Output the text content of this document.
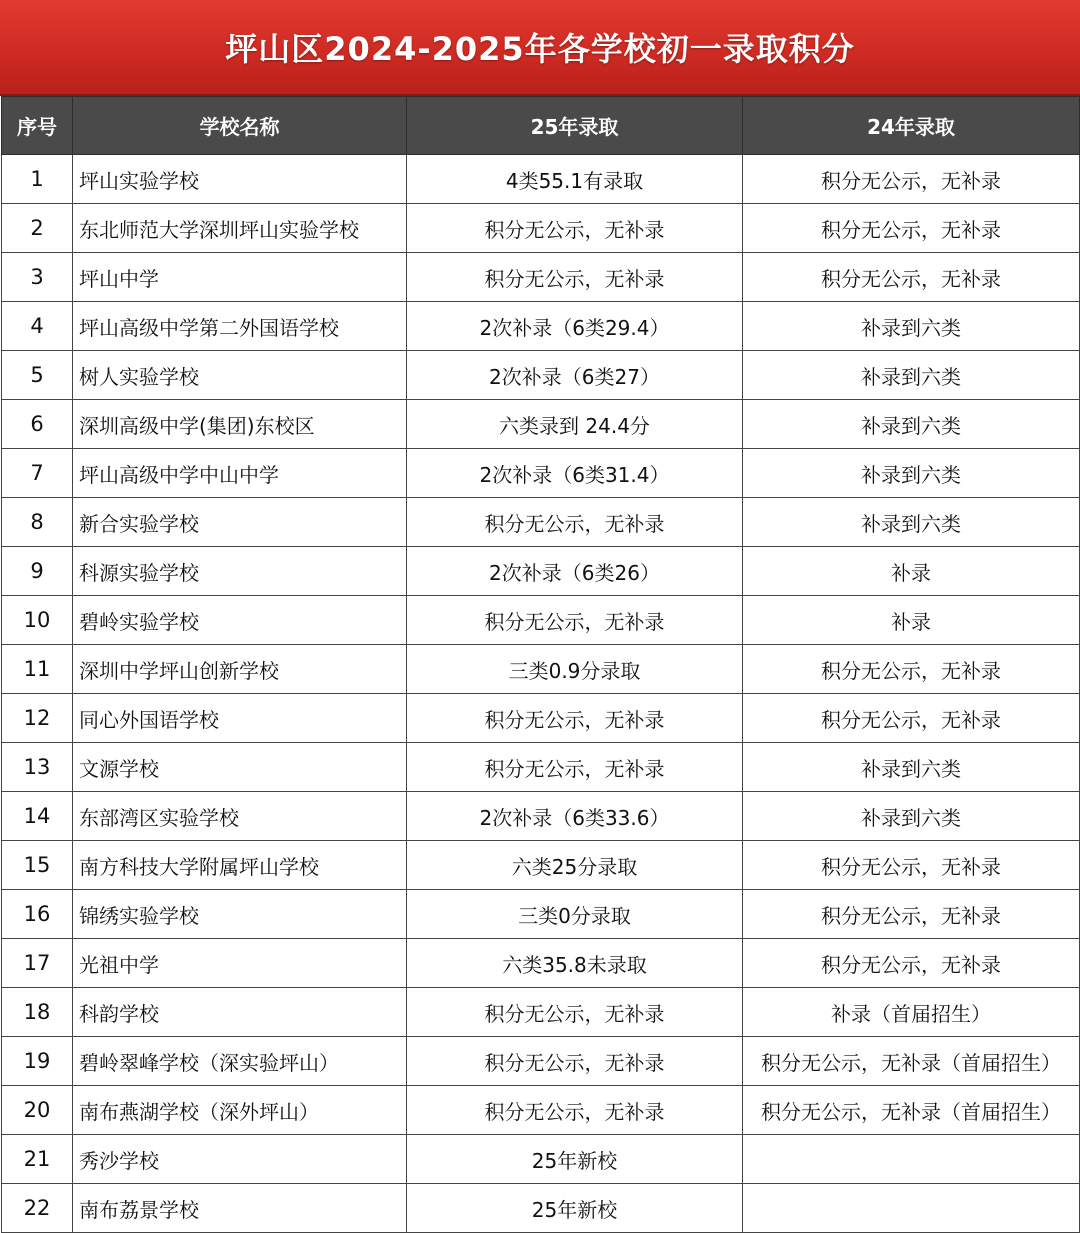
坪山区2024-2025年各学校初一录取积分
序号	学校名称	25年录取	24年录取
1	坪山实验学校	4类55.1有录取	积分无公示，无补录
2	东北师范大学深圳坪山实验学校	积分无公示，无补录	积分无公示，无补录
3	坪山中学	积分无公示，无补录	积分无公示，无补录
4	坪山高级中学第二外国语学校	2次补录（6类29.4）	补录到六类
5	树人实验学校	2次补录（6类27）	补录到六类
6	深圳高级中学(集团)东校区	六类录到 24.4分	补录到六类
7	坪山高级中学中山中学	2次补录（6类31.4）	补录到六类
8	新合实验学校	积分无公示，无补录	补录到六类
9	科源实验学校	2次补录（6类26）	补录
10	碧岭实验学校	积分无公示，无补录	补录
11	深圳中学坪山创新学校	三类0.9分录取	积分无公示，无补录
12	同心外国语学校	积分无公示，无补录	积分无公示，无补录
13	文源学校	积分无公示，无补录	补录到六类
14	东部湾区实验学校	2次补录（6类33.6）	补录到六类
15	南方科技大学附属坪山学校	六类25分录取	积分无公示，无补录
16	锦绣实验学校	三类0分录取	积分无公示，无补录
17	光祖中学	六类35.8未录取	积分无公示，无补录
18	科韵学校	积分无公示，无补录	补录（首届招生）
19	碧岭翠峰学校（深实验坪山）	积分无公示，无补录	积分无公示，无补录（首届招生）
20	南布燕湖学校（深外坪山）	积分无公示，无补录	积分无公示，无补录（首届招生）
21	秀沙学校	25年新校	
22	南布荔景学校	25年新校	
